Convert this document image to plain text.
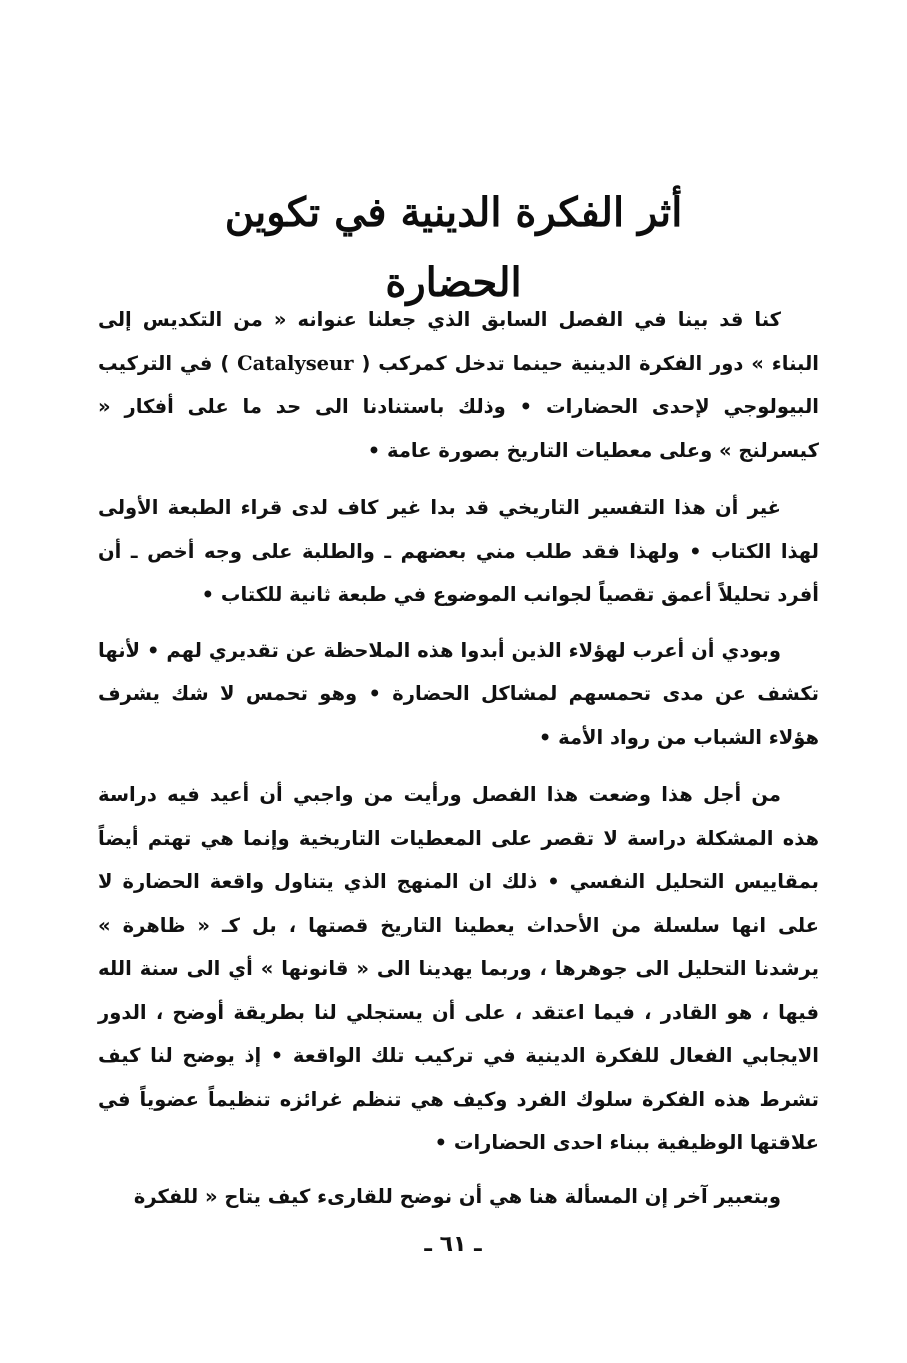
أثر الفكرة الدينية في تكوين الحضارة

كنا قد بينا في الفصل السابق الذي جعلنا عنوانه « من التكديس إلى البناء » دور الفكرة الدينية حينما تدخل كمركب ( Catalyseur ) في التركيب البيولوجي لإحدى الحضارات • وذلك باستنادنا الى حد ما على أفكار « كيسرلنج » وعلى معطيات التاريخ بصورة عامة •

غير أن هذا التفسير التاريخي قد بدا غير كاف لدى قراء الطبعة الأولى لهذا الكتاب • ولهذا فقد طلب مني بعضهم ـ والطلبة على وجه أخص ـ أن أفرد تحليلاً أعمق تقصياً لجوانب الموضوع في طبعة ثانية للكتاب •

وبودي أن أعرب لهؤلاء الذين أبدوا هذه الملاحظة عن تقديري لهم • لأنها تكشف عن مدى تحمسهم لمشاكل الحضارة • وهو تحمس لا شك يشرف هؤلاء الشباب من رواد الأمة •

من أجل هذا وضعت هذا الفصل ورأيت من واجبي أن أعيد فيه دراسة هذه المشكلة دراسة لا تقصر على المعطيات التاريخية وإنما هي تهتم أيضاً بمقاييس التحليل النفسي • ذلك ان المنهج الذي يتناول واقعة الحضارة لا على انها سلسلة من الأحداث يعطينا التاريخ قصتها ، بل كـ « ظاهرة » يرشدنا التحليل الى جوهرها ، وربما يهدينا الى « قانونها » أي الى سنة الله فيها ، هو القادر ، فيما اعتقد ، على أن يستجلي لنا بطريقة أوضح ، الدور الايجابي الفعال للفكرة الدينية في تركيب تلك الواقعة • إذ يوضح لنا كيف تشرط هذه الفكرة سلوك الفرد وكيف هي تنظم غرائزه تنظيماً عضوياً في علاقتها الوظيفية ببناء احدى الحضارات •

وبتعبير آخر إن المسألة هنا هي أن نوضح للقارىء كيف يتاح « للفكرة

ـ ٦١ ـ
